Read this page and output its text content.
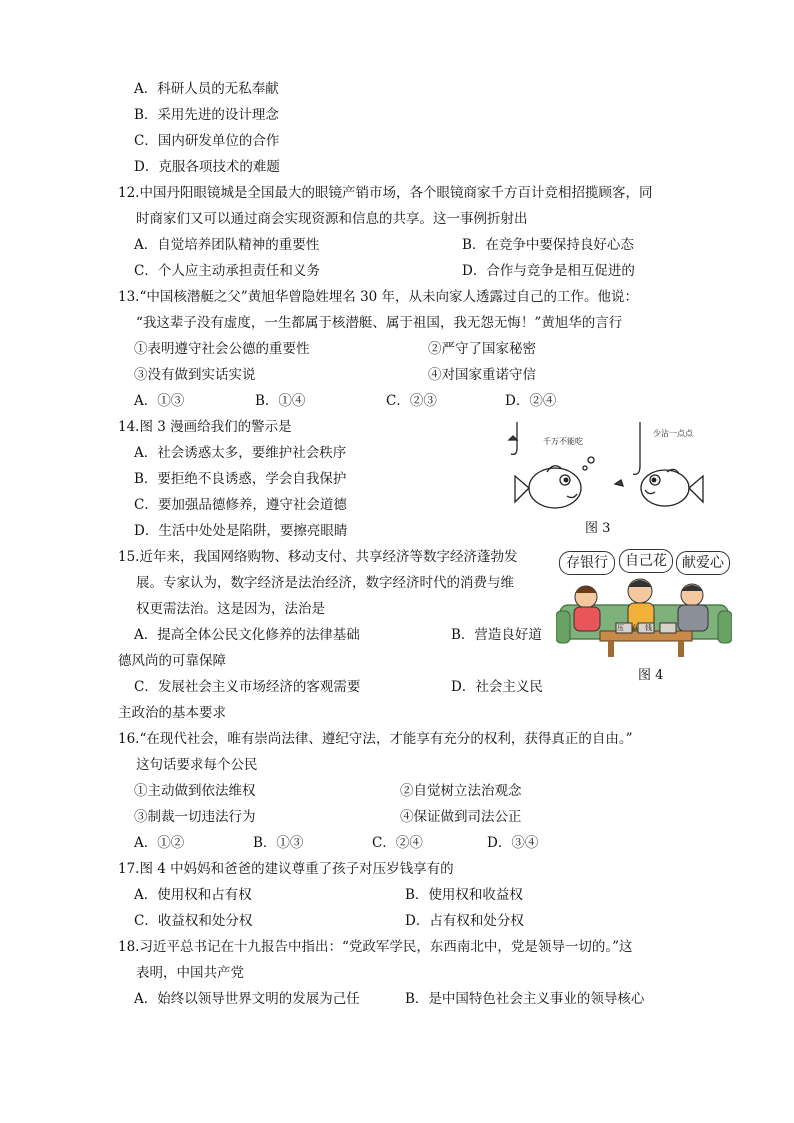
A．科研人员的无私奉献
B．采用先进的设计理念
C．国内研发单位的合作
D．克服各项技术的难题
12.中国丹阳眼镜城是全国最大的眼镜产销市场，各个眼镜商家千方百计竞相招揽顾客，同
时商家们又可以通过商会实现资源和信息的共享。这一事例折射出
A．自觉培养团队精神的重要性	B．在竞争中要保持良好心态
C．个人应主动承担责任和义务	D．合作与竞争是相互促进的
13.“中国核潜艇之父”黄旭华曾隐姓埋名 30 年，从未向家人透露过自己的工作。他说：
“我这辈子没有虚度，一生都属于核潜艇、属于祖国，我无怨无悔！”黄旭华的言行
①表明遵守社会公德的重要性	②严守了国家秘密
③没有做到实话实说	④对国家重诺守信
A．①③	B．①④	C．②③	D．②④
14.图 3 漫画给我们的警示是
A．社会诱惑太多，要维护社会秩序
B．要拒绝不良诱惑，学会自我保护
C．要加强品德修养，遵守社会道德
D．生活中处处是陷阱，要擦亮眼睛
千万不能吃
少沾一点点
图 3
15.近年来，我国网络购物、移动支付、共享经济等数字经济蓬勃发
展。专家认为，数字经济是法治经济，数字经济时代的消费与维
权更需法治。这是因为，法治是
A．提高全体公民文化修养的法律基础	B．营造良好道
德风尚的可靠保障
C．发展社会主义市场经济的客观需要	D．社会主义民
主政治的基本要求
存银行	自己花	献爱心
压岁钱
图 4
16.“在现代社会，唯有崇尚法律、遵纪守法，才能享有充分的权利，获得真正的自由。”
这句话要求每个公民
①主动做到依法维权	②自觉树立法治观念
③制裁一切违法行为	④保证做到司法公正
A．①②	B．①③	C．②④	D．③④
17.图 4 中妈妈和爸爸的建议尊重了孩子对压岁钱享有的
A．使用权和占有权	B．使用权和收益权
C．收益权和处分权	D．占有权和处分权
18.习近平总书记在十九报告中指出：“党政军学民，东西南北中，党是领导一切的。”这
表明，中国共产党
A．始终以领导世界文明的发展为己任	B．是中国特色社会主义事业的领导核心
